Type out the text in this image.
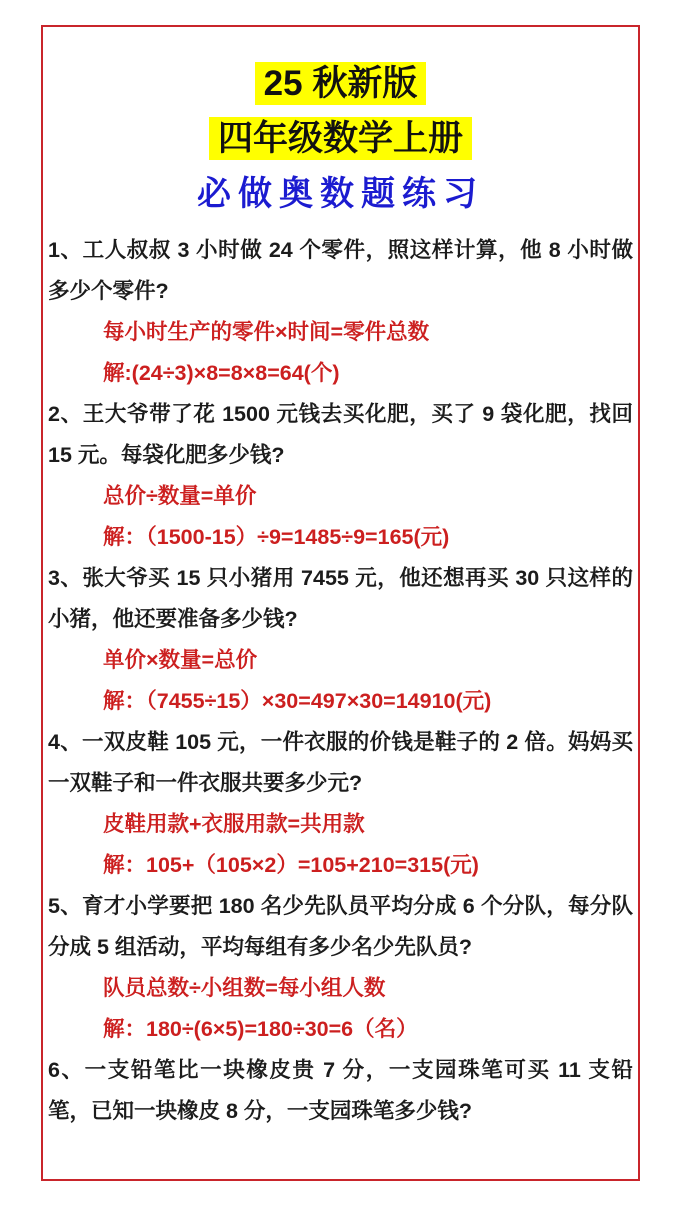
25 秋新版
四年级数学上册
必做奥数题练习

1、工人叔叔 3 小时做 24 个零件，照这样计算，他 8 小时做多少个零件?

每小时生产的零件×时间=零件总数

解:(24÷3)×8=8×8=64(个)

2、王大爷带了花 1500 元钱去买化肥，买了 9 袋化肥，找回 15 元。每袋化肥多少钱?

总价÷数量=单价

解：（1500-15）÷9=1485÷9=165(元)

3、张大爷买 15 只小猪用 7455 元，他还想再买 30 只这样的小猪，他还要准备多少钱?

单价×数量=总价

解：（7455÷15）×30=497×30=14910(元)

4、一双皮鞋 105 元，一件衣服的价钱是鞋子的 2 倍。妈妈买一双鞋子和一件衣服共要多少元?

皮鞋用款+衣服用款=共用款

解：105+（105×2）=105+210=315(元)

5、育才小学要把 180 名少先队员平均分成 6 个分队，每分队分成 5 组活动，平均每组有多少名少先队员?

队员总数÷小组数=每小组人数

解：180÷(6×5)=180÷30=6（名）

6、一支铅笔比一块橡皮贵 7 分，一支园珠笔可买 11 支铅笔，已知一块橡皮 8 分，一支园珠笔多少钱?
